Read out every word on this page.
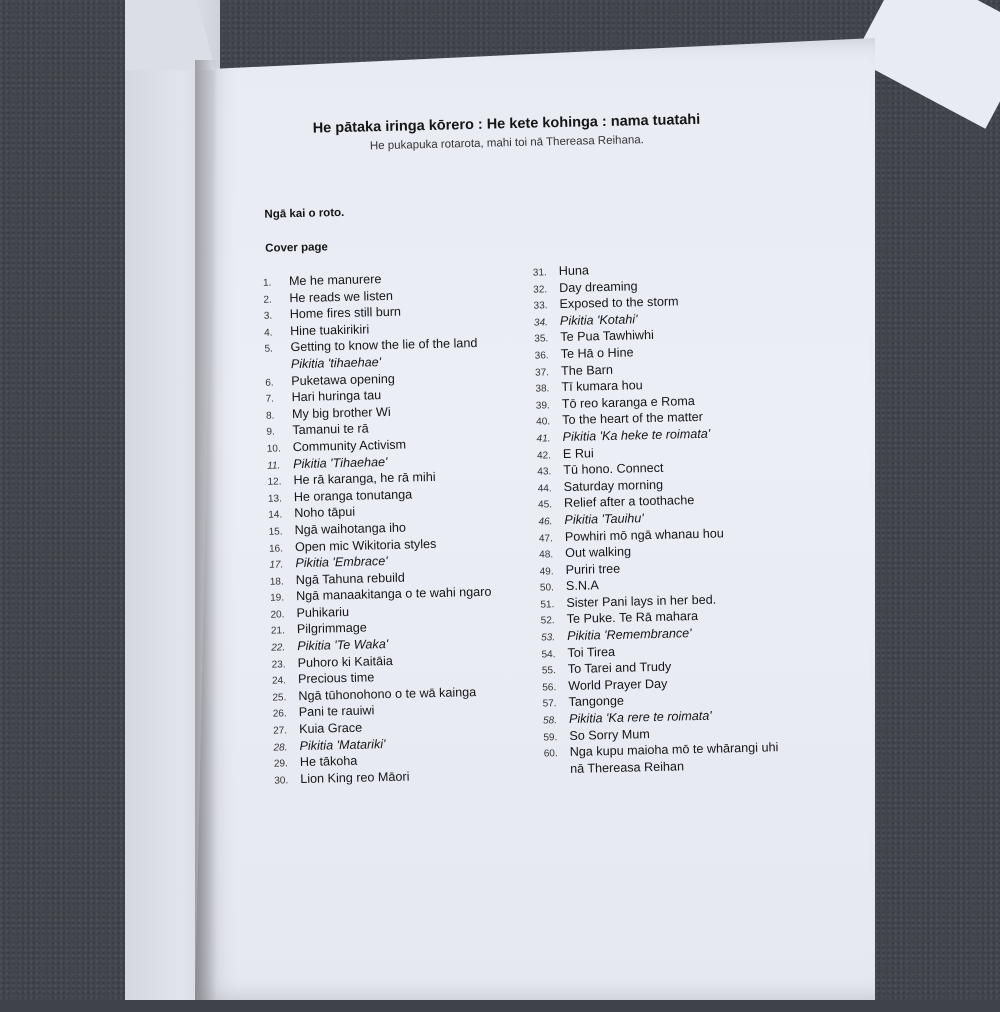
He pātaka iringa kōrero : He kete kohinga : nama tuatahi
He pukapuka rotarota, mahi toi nā Thereasa Reihana.
Ngā kai o roto.
Cover page
1. Me he manurere
2. He reads we listen
3. Home fires still burn
4. Hine tuakirikiri
5. Getting to know the lie of the land
Pikitia 'tihaehae'
6. Puketawa opening
7. Hari huringa tau
8. My big brother Wi
9. Tamanui te rā
10. Community Activism
11. Pikitia 'Tihaehae'
12. He rā karanga, he rā mihi
13. He oranga tonutanga
14. Noho tāpui
15. Ngā waihotanga iho
16. Open mic Wikitoria styles
17. Pikitia 'Embrace'
18. Ngā Tahuna rebuild
19. Ngā manaakitanga o te wahi ngaro
20. Puhikariu
21. Pilgrimmage
22. Pikitia 'Te Waka'
23. Puhoro ki Kaitāia
24. Precious time
25. Ngā tūhonohono o te wā kainga
26. Pani te rauiwi
27. Kuia Grace
28. Pikitia 'Matariki'
29. He tākoha
30. Lion King reo Māori
31. Huna
32. Day dreaming
33. Exposed to the storm
34. Pikitia 'Kotahi'
35. Te Pua Tawhiwhi
36. Te Hā o Hine
37. The Barn
38. Tī kumara hou
39. Tō reo karanga e Roma
40. To the heart of the matter
41. Pikitia 'Ka heke te roimata'
42. E Rui
43. Tū hono. Connect
44. Saturday morning
45. Relief after a toothache
46. Pikitia 'Tauihu'
47. Powhiri mō ngā whanau hou
48. Out walking
49. Puriri tree
50. S.N.A
51. Sister Pani lays in her bed.
52. Te Puke. Te Rā mahara
53. Pikitia 'Remembrance'
54. Toi Tirea
55. To Tarei and Trudy
56. World Prayer Day
57. Tangonge
58. Pikitia 'Ka rere te roimata'
59. So Sorry Mum
60. Nga kupu maioha mō te whārangi uhi
nā Thereasa Reihan
